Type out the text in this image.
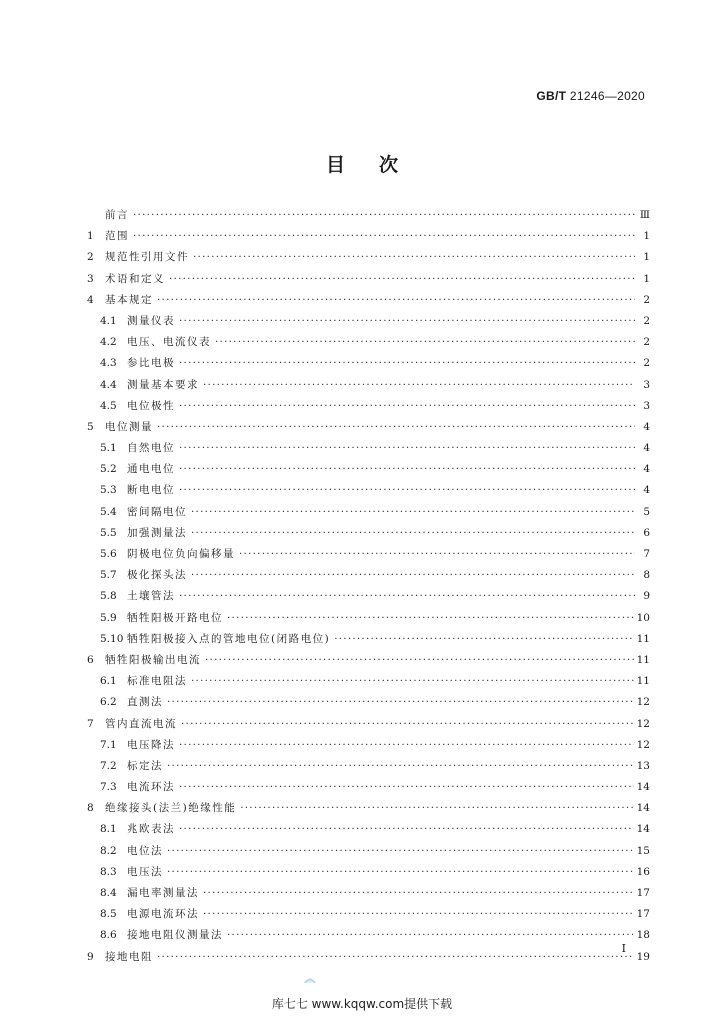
GB/T 21246—2020
目次
前言 ·····	Ⅲ
1	范围 ·····	1
2	规范性引用文件 ·····	1
3	术语和定义 ·····	1
4	基本规定 ·····	2
4.1 测量仪表 ·····	2
4.2 电压、电流仪表 ·····	2
4.3 参比电极 ·····	2
4.4 测量基本要求 ·····	3
4.5 电位极性 ·····	3
5	电位测量 ·····	4
5.1 自然电位 ·····	4
5.2 通电电位 ·····	4
5.3 断电电位 ·····	4
5.4 密间隔电位 ·····	5
5.5 加强测量法 ·····	6
5.6 阴极电位负向偏移量 ·····	7
5.7 极化探头法 ·····	8
5.8 土壤管法 ·····	9
5.9 牺牲阳极开路电位 ·····	10
5.10 牺牲阳极接入点的管地电位(闭路电位) ·····	11
6	牺牲阳极输出电流 ·····	11
6.1 标准电阻法 ·····	11
6.2 直测法 ·····	12
7	管内直流电流 ·····	12
7.1 电压降法 ·····	12
7.2 标定法 ·····	13
7.3 电流环法 ·····	14
8	绝缘接头(法兰)绝缘性能 ·····	14
8.1 兆欧表法 ·····	14
8.2 电位法 ·····	15
8.3 电压法 ·····	16
8.4 漏电率测量法 ·····	17
8.5 电源电流环法 ·····	17
8.6 接地电阻仪测量法 ·····	18
9	接地电阻 ·····	19
I
库七七 www.kqqw.com提供下载
